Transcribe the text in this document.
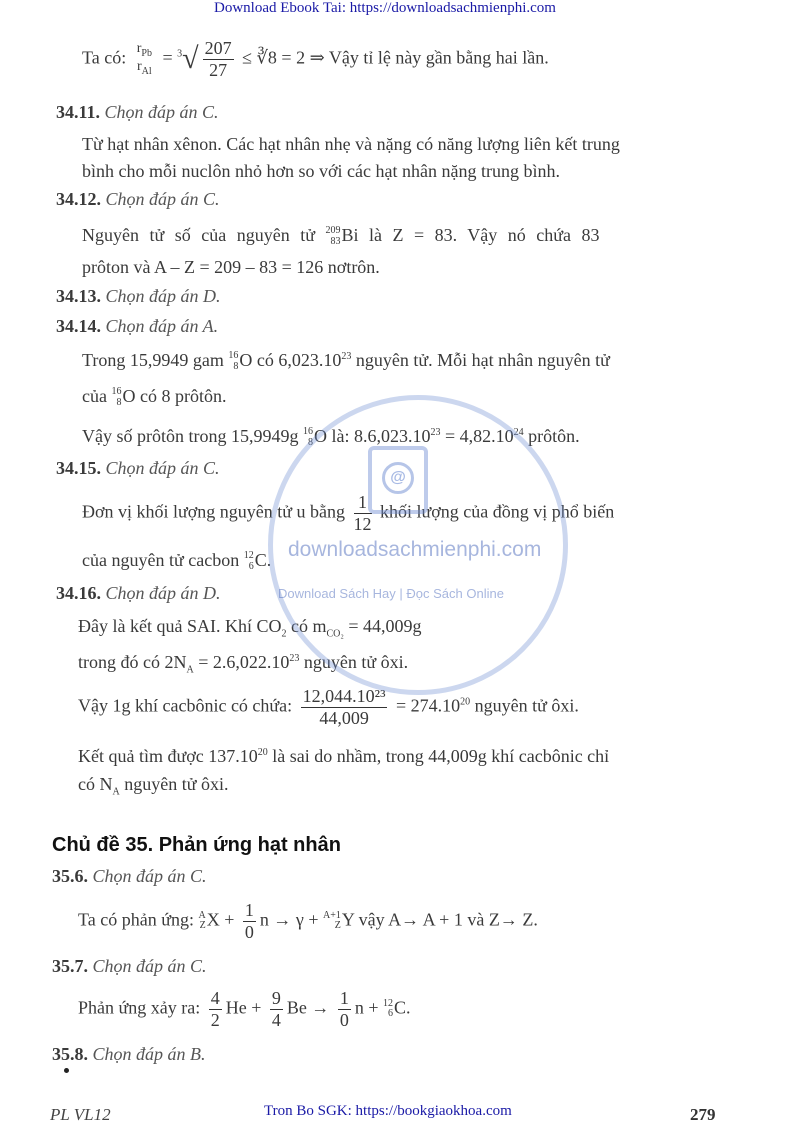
Download Ebook Tai: https://downloadsachmienphi.com
Ta có: $r_{Pb}$
$r_{Al}$
= $^3√ \frac{207}{27}$ ≤ ∛8 = 2 ⇒ Vậy tỉ lệ này gần bằng hai lần.
34.11. Chọn đáp án C.
Từ hạt nhân xênon. Các hạt nhân nhẹ và nặng có năng lượng liên kết trung
bình cho mỗi nuclôn nhỏ hơn so với các hạt nhân nặng trung bình.
34.12. Chọn đáp án C.
Nguyên tử số của nguyên tử 209
83 Bi là Z = 83. Vậy nó chứa 83
prôton và A – Z = 209 – 83 = 126 nơtrôn.
34.13. Chọn đáp án D.
34.14. Chọn đáp án A.
Trong 15,9949 gam 16
8 O có 6,023.10$^{23}$ nguyên tử. Mỗi hạt nhân nguyên tử
của 16
8 O có 8 prôtôn.
Vậy số prôtôn trong 15,9949g 16
8 O là: $8.6,023.10^{23} = 4,82.10^{24}$ prôtôn.
34.15. Chọn đáp án C.
Đơn vị khối lượng nguyên tử u bằng $\frac{1}{12}$ khối lượng của đồng vị phổ biến
của nguyên tử cacbon 12
6 C.
34.16. Chọn đáp án D.
Đây là kết quả SAI. Khí $CO_2$ có $m_{CO_2} = 44,009g$
trong đó có $2N_A = 2.6,022.10^{23}$ nguyên tử ôxi.
Vậy 1g khí cacbônic có chứa: $\frac{\text{12,044.10²³}}{44,009} = 274.10^{20}$ nguyên tử ôxi.
Kết quả tìm được 137.10$^{20}$ là sai do nhầm, trong 44,009g khí cacbônic chỉ
có $N_A$ nguyên tử ôxi.
Chủ đề 35. Phản ứng hạt nhân
35.6. Chọn đáp án C.
Ta có phản ứng: A
Z $X + \frac{1}{0}$ n → γ + A+1
Z Y vậy A→ A + 1 và Z→ Z.
35.7. Chọn đáp án C.
Phản ứng xảy ra: $\frac{4}{2}$ $He + \frac{9}{4}$ $Be \to \frac{1}{0}$ n + 12
6 C.
35.8. Chọn đáp án B.
@
downloadsachmienphi.com
Download Sách Hay | Đọc Sách Online
PL VL12	Tron Bo SGK: https://bookgiaokhoa.com	279
